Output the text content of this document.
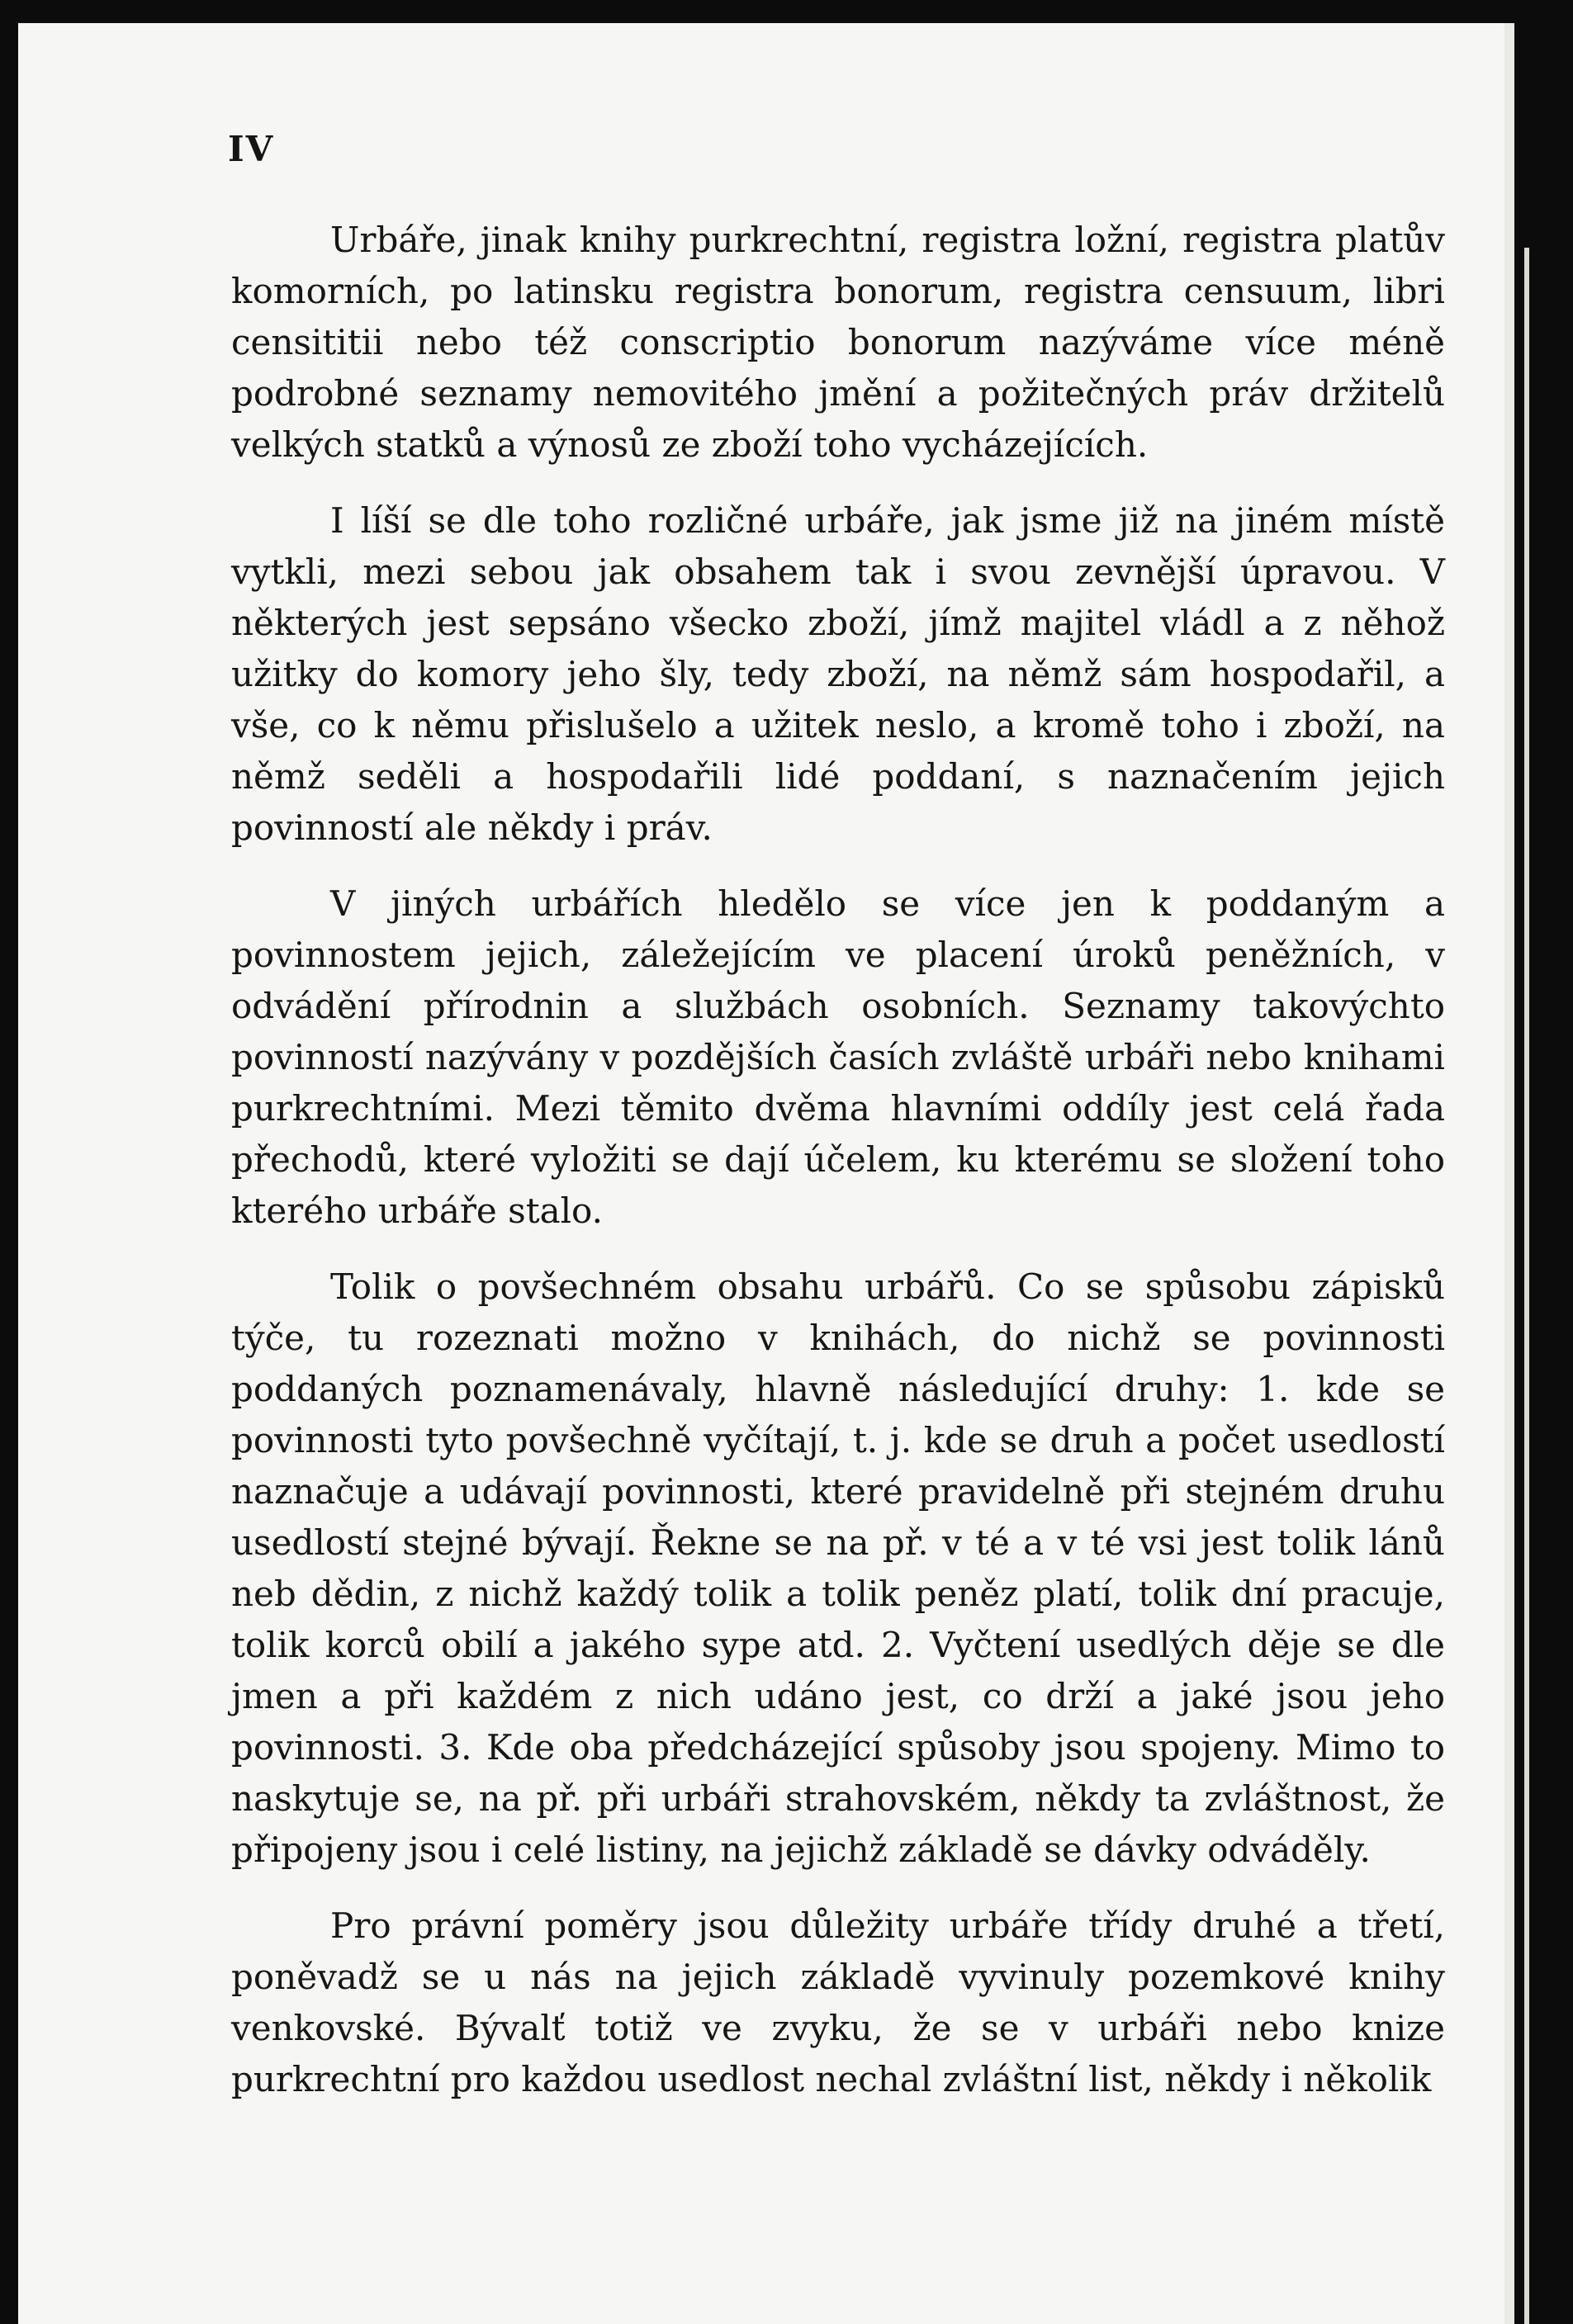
IV

Urbáře, jinak knihy purkrechtní, registra ložní, registra platův komorních, po latinsku registra bonorum, registra censuum, libri censititii nebo též conscriptio bonorum nazýváme více méně podrobné seznamy nemovitého jmění a požitečných práv držitelů velkých statků a výnosů ze zboží toho vycházejících.

I líší se dle toho rozličné urbáře, jak jsme již na jiném místě vytkli, mezi sebou jak obsahem tak i svou zevnější úpravou. V některých jest sepsáno všecko zboží, jímž majitel vládl a z něhož užitky do komory jeho šly, tedy zboží, na němž sám hospodařil, a vše, co k němu přislušelo a užitek neslo, a kromě toho i zboží, na němž seděli a hospodařili lidé poddaní, s naznačením jejich povinností ale někdy i práv.

V jiných urbářích hledělo se více jen k poddaným a povinnostem jejich, záležejícím ve placení úroků peněžních, v odvádění přírodnin a službách osobních. Seznamy takovýchto povinností nazývány v pozdějších časích zvláště urbáři nebo knihami purkrechtními. Mezi těmito dvěma hlavními oddíly jest celá řada přechodů, které vyložiti se dají účelem, ku kterému se složení toho kterého urbáře stalo.

Tolik o povšechném obsahu urbářů. Co se spůsobu zápisků týče, tu rozeznati možno v knihách, do nichž se povinnosti poddaných poznamenávaly, hlavně následující druhy: 1. kde se povinnosti tyto povšechně vyčítají, t. j. kde se druh a počet usedlostí naznačuje a udávají povinnosti, které pravidelně při stejném druhu usedlostí stejné bývají. Řekne se na př. v té a v té vsi jest tolik lánů neb dědin, z nichž každý tolik a tolik peněz platí, tolik dní pracuje, tolik korců obilí a jakého sype atd. 2. Vyčtení usedlých děje se dle jmen a při každém z nich udáno jest, co drží a jaké jsou jeho povinnosti. 3. Kde oba předcházející spůsoby jsou spojeny. Mimo to naskytuje se, na př. při urbáři strahovském, někdy ta zvláštnost, že připojeny jsou i celé listiny, na jejichž základě se dávky odváděly.

Pro právní poměry jsou důležity urbáře třídy druhé a třetí, poněvadž se u nás na jejich základě vyvinuly pozemkové knihy venkovské. Bývalť totiž ve zvyku, že se v urbáři nebo knize purkrechtní pro každou usedlost nechal zvláštní list, někdy i několik
